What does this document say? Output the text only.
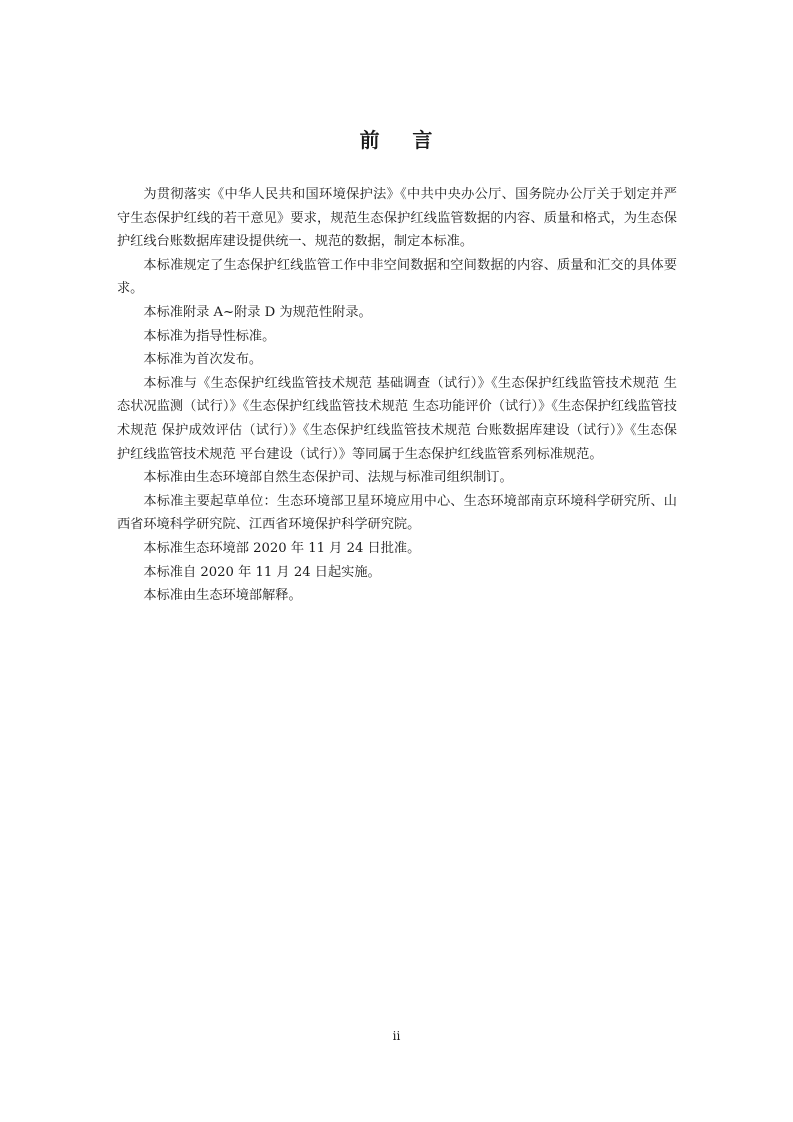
前    言

为贯彻落实《中华人民共和国环境保护法》《中共中央办公厅、国务院办公厅关于划定并严守生态保护红线的若干意见》要求，规范生态保护红线监管数据的内容、质量和格式，为生态保护红线台账数据库建设提供统一、规范的数据，制定本标准。

本标准规定了生态保护红线监管工作中非空间数据和空间数据的内容、质量和汇交的具体要求。

本标准附录 A~附录 D 为规范性附录。

本标准为指导性标准。

本标准为首次发布。

本标准与《生态保护红线监管技术规范 基础调查（试行）》《生态保护红线监管技术规范 生态状况监测（试行）》《生态保护红线监管技术规范 生态功能评价（试行）》《生态保护红线监管技术规范 保护成效评估（试行）》《生态保护红线监管技术规范 台账数据库建设（试行）》《生态保护红线监管技术规范 平台建设（试行）》等同属于生态保护红线监管系列标准规范。

本标准由生态环境部自然生态保护司、法规与标准司组织制订。

本标准主要起草单位：生态环境部卫星环境应用中心、生态环境部南京环境科学研究所、山西省环境科学研究院、江西省环境保护科学研究院。

本标准生态环境部 2020 年 11 月 24 日批准。

本标准自 2020 年 11 月 24 日起实施。

本标准由生态环境部解释。

ii
